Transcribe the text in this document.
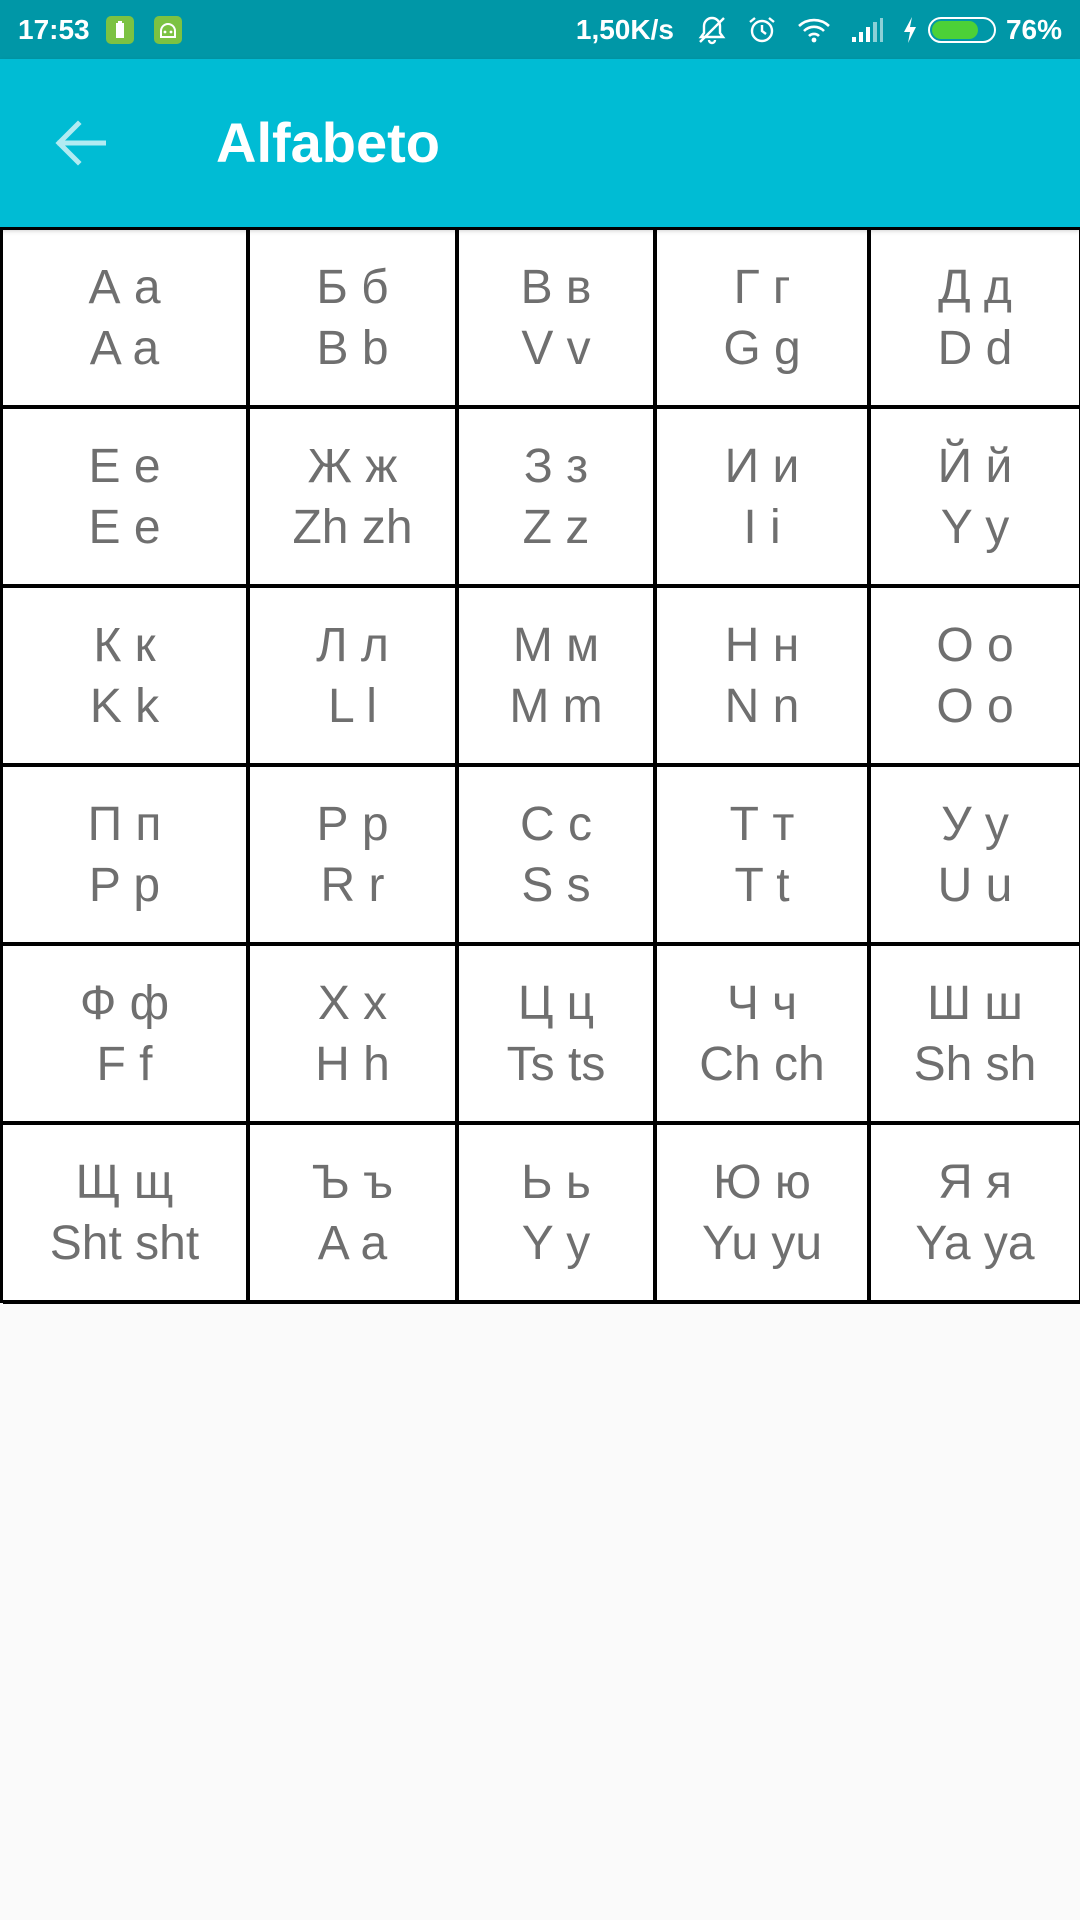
17:53	1,50K/s	76%
Alfabeto
А а
A a
Б б
B b
В в
V v
Г г
G g
Д д
D d
Е е
E e
Ж ж
Zh zh
З з
Z z
И и
I i
Й й
Y y
К к
K k
Л л
L l
М м
M m
Н н
N n
О о
O o
П п
P p
Р р
R r
С с
S s
Т т
T t
У у
U u
Ф ф
F f
Х х
H h
Ц ц
Ts ts
Ч ч
Ch ch
Ш ш
Sh sh
Щ щ
Sht sht
Ъ ъ
A a
Ь ь
Y y
Ю ю
Yu yu
Я я
Ya ya
